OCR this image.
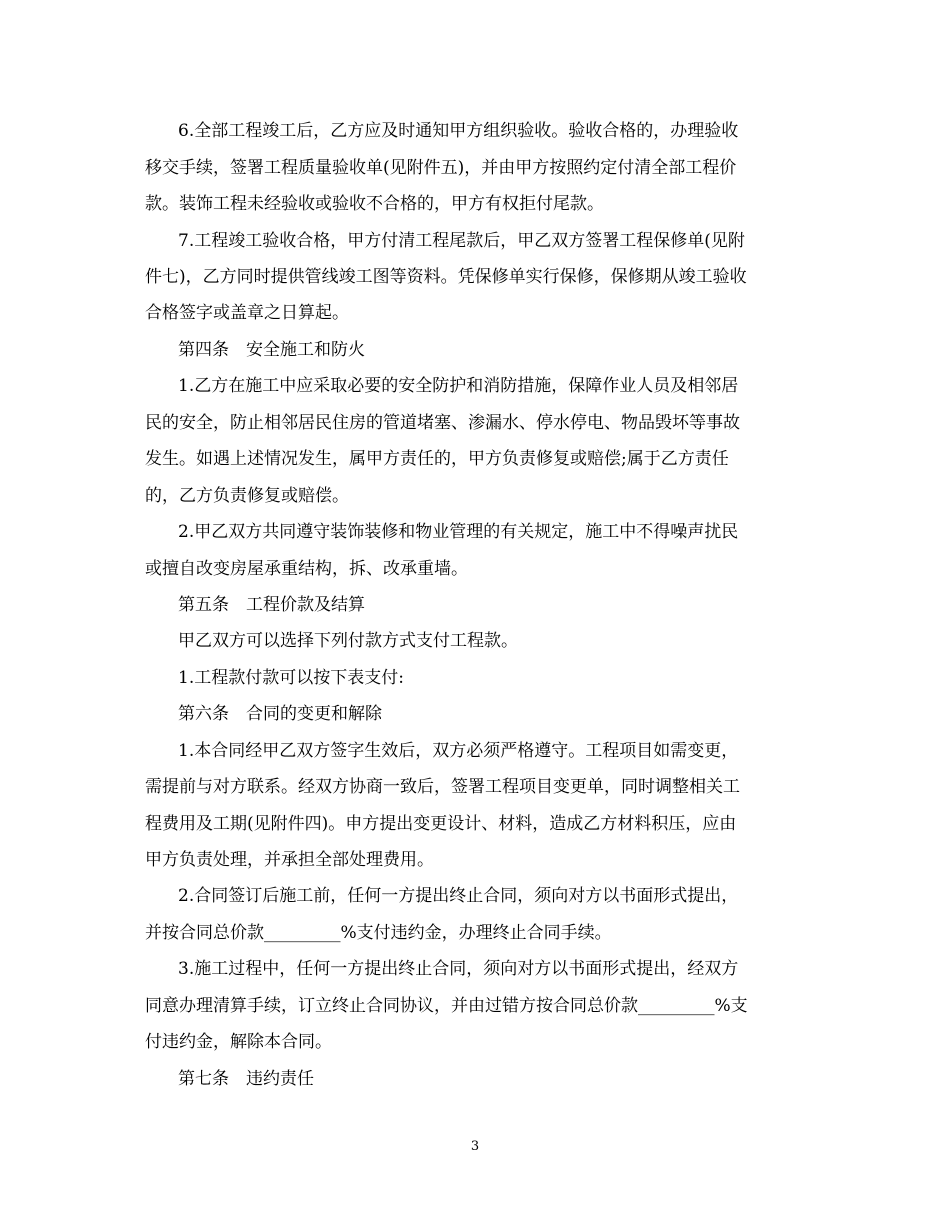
6.全部工程竣工后，乙方应及时通知甲方组织验收。验收合格的，办理验收
移交手续，签署工程质量验收单(见附件五)，并由甲方按照约定付清全部工程价
款。装饰工程未经验收或验收不合格的，甲方有权拒付尾款。
7.工程竣工验收合格，甲方付清工程尾款后，甲乙双方签署工程保修单(见附
件七)，乙方同时提供管线竣工图等资料。凭保修单实行保修，保修期从竣工验收
合格签字或盖章之日算起。
第四条　安全施工和防火
1.乙方在施工中应采取必要的安全防护和消防措施，保障作业人员及相邻居
民的安全，防止相邻居民住房的管道堵塞、渗漏水、停水停电、物品毁坏等事故
发生。如遇上述情况发生，属甲方责任的，甲方负责修复或赔偿;属于乙方责任
的，乙方负责修复或赔偿。
2.甲乙双方共同遵守装饰装修和物业管理的有关规定，施工中不得噪声扰民
或擅自改变房屋承重结构，拆、改承重墙。
第五条　工程价款及结算
甲乙双方可以选择下列付款方式支付工程款。
1.工程款付款可以按下表支付:
第六条　合同的变更和解除
1.本合同经甲乙双方签字生效后，双方必须严格遵守。工程项目如需变更，
需提前与对方联系。经双方协商一致后，签署工程项目变更单，同时调整相关工
程费用及工期(见附件四)。申方提出变更设计、材料，造成乙方材料积压，应由
甲方负责处理，并承担全部处理费用。
2.合同签订后施工前，任何一方提出终止合同，须向对方以书面形式提出，
并按合同总价款_________%支付违约金，办理终止合同手续。
3.施工过程中，任何一方提出终止合同，须向对方以书面形式提出，经双方
同意办理清算手续，订立终止合同协议，并由过错方按合同总价款_________%支
付违约金，解除本合同。
第七条　违约责任
3
